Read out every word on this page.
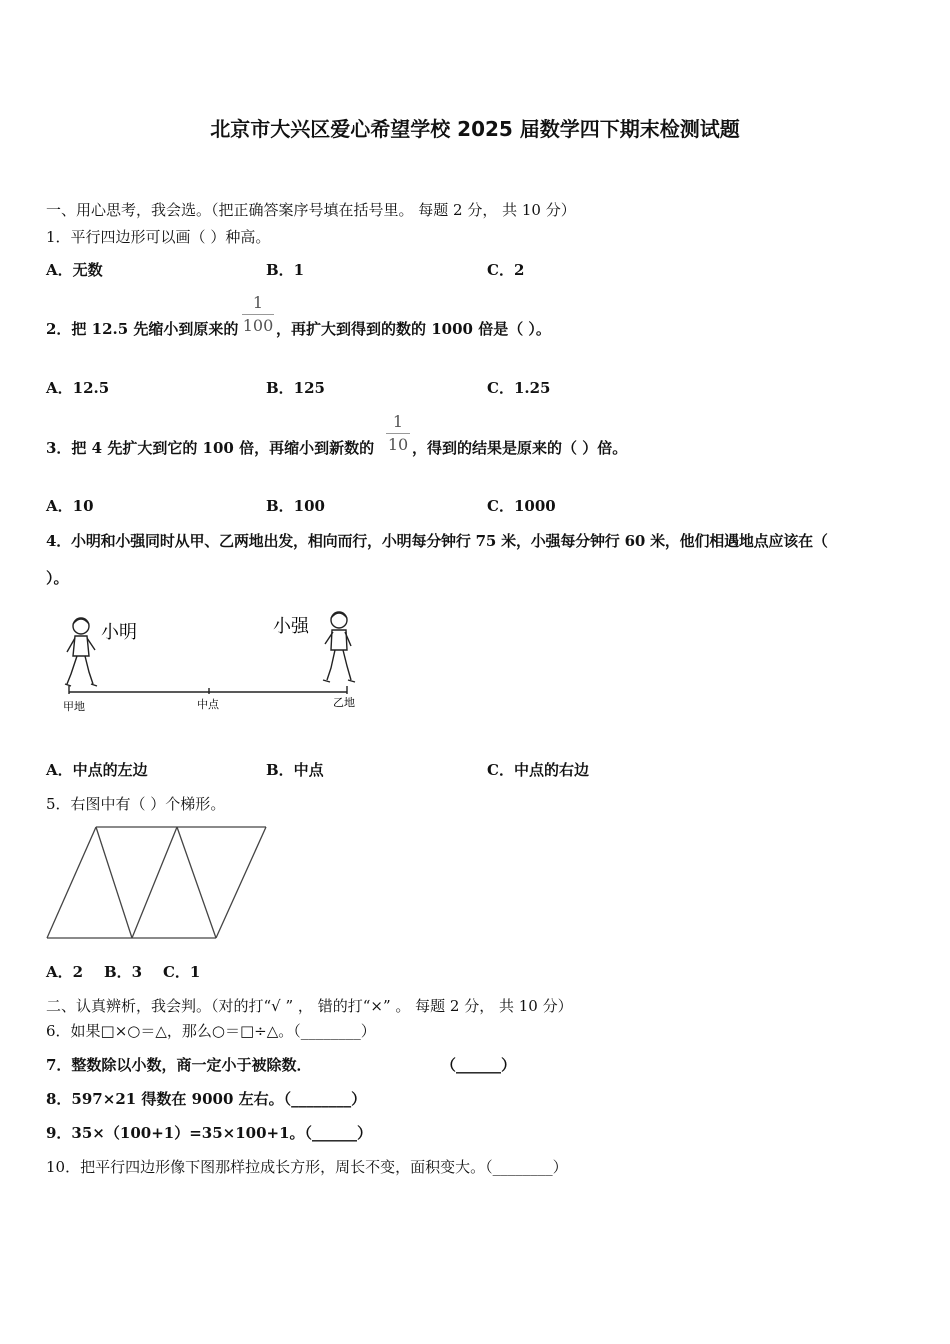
北京市大兴区爱心希望学校 2025 届数学四下期末检测试题
一、用心思考，我会选。（把正确答案序号填在括号里。 每题 2 分， 共 10 分）
1．平行四边形可以画（ ）种高。
A．无数	B．1	C．2
2．把 12.5 先缩小到原来的
1
100 ，再扩大到得到的数的 1000 倍是（ ）。
A．12.5	B．125	C．1.25
3．把 4 先扩大到它的 100 倍，再缩小到新数的
1
10 ，得到的结果是原来的（ ）倍。
A．10	B．100	C．1000
4．小明和小强同时从甲、乙两地出发，相向而行，小明每分钟行 75 米，小强每分钟行 60 米，他们相遇地点应该在（
）。
小明	小强
甲地	中点	乙地
A．中点的左边	B．中点	C．中点的右边
5．右图中有（ ）个梯形。
A．2    B．3    C．1
二、认真辨析，我会判。（对的打“√ ” ， 错的打“×” 。 每题 2 分， 共 10 分）
6．如果□×○＝△，那么○＝□÷△。（________）
7．整数除以小数，商一定小于被除数．	（______）
8．597×21 得数在 9000 左右。（________）
9．35×（100+1）=35×100+1。（______）
10．把平行四边形像下图那样拉成长方形，周长不变，面积变大。（________）
